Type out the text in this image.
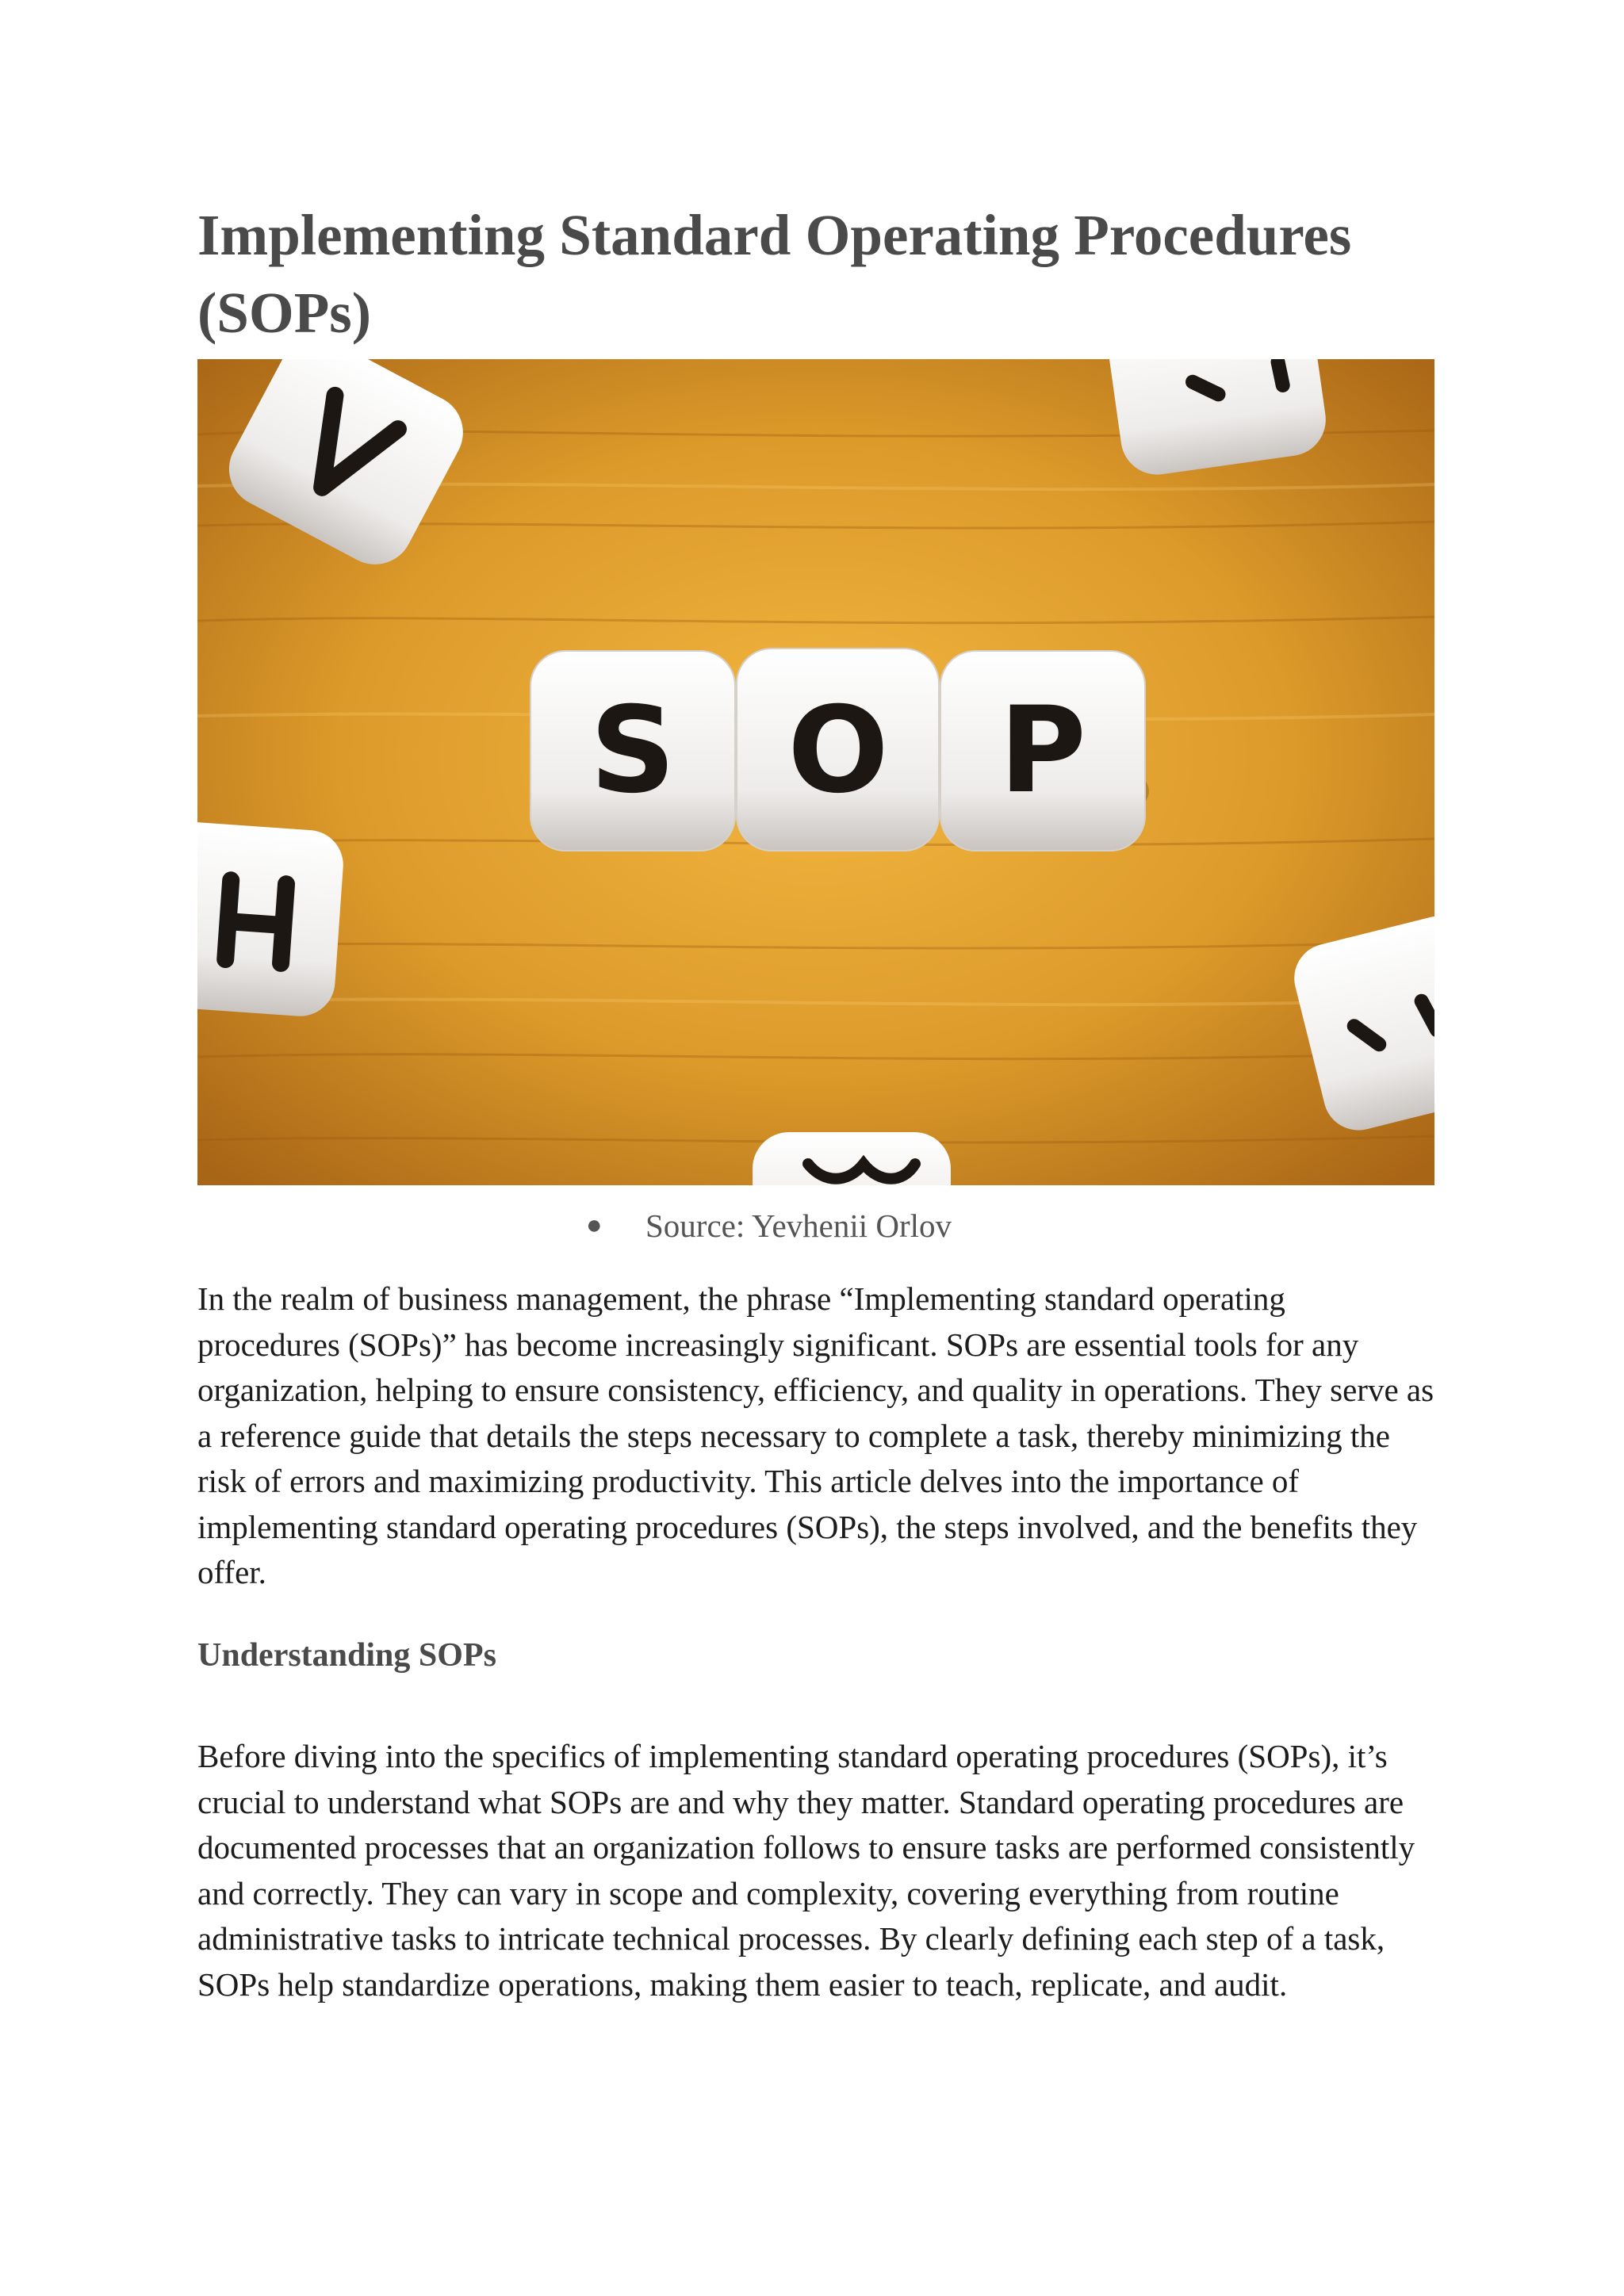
Implementing Standard Operating Procedures (SOPs)
S O P
● Source: Yevhenii Orlov

In the realm of business management, the phrase “Implementing standard operating procedures (SOPs)” has become increasingly significant. SOPs are essential tools for any organization, helping to ensure consistency, efficiency, and quality in operations. They serve as a reference guide that details the steps necessary to complete a task, thereby minimizing the risk of errors and maximizing productivity. This article delves into the importance of implementing standard operating procedures (SOPs), the steps involved, and the benefits they offer.

Understanding SOPs

Before diving into the specifics of implementing standard operating procedures (SOPs), it’s crucial to understand what SOPs are and why they matter. Standard operating procedures are documented processes that an organization follows to ensure tasks are performed consistently and correctly. They can vary in scope and complexity, covering everything from routine administrative tasks to intricate technical processes. By clearly defining each step of a task, SOPs help standardize operations, making them easier to teach, replicate, and audit.
